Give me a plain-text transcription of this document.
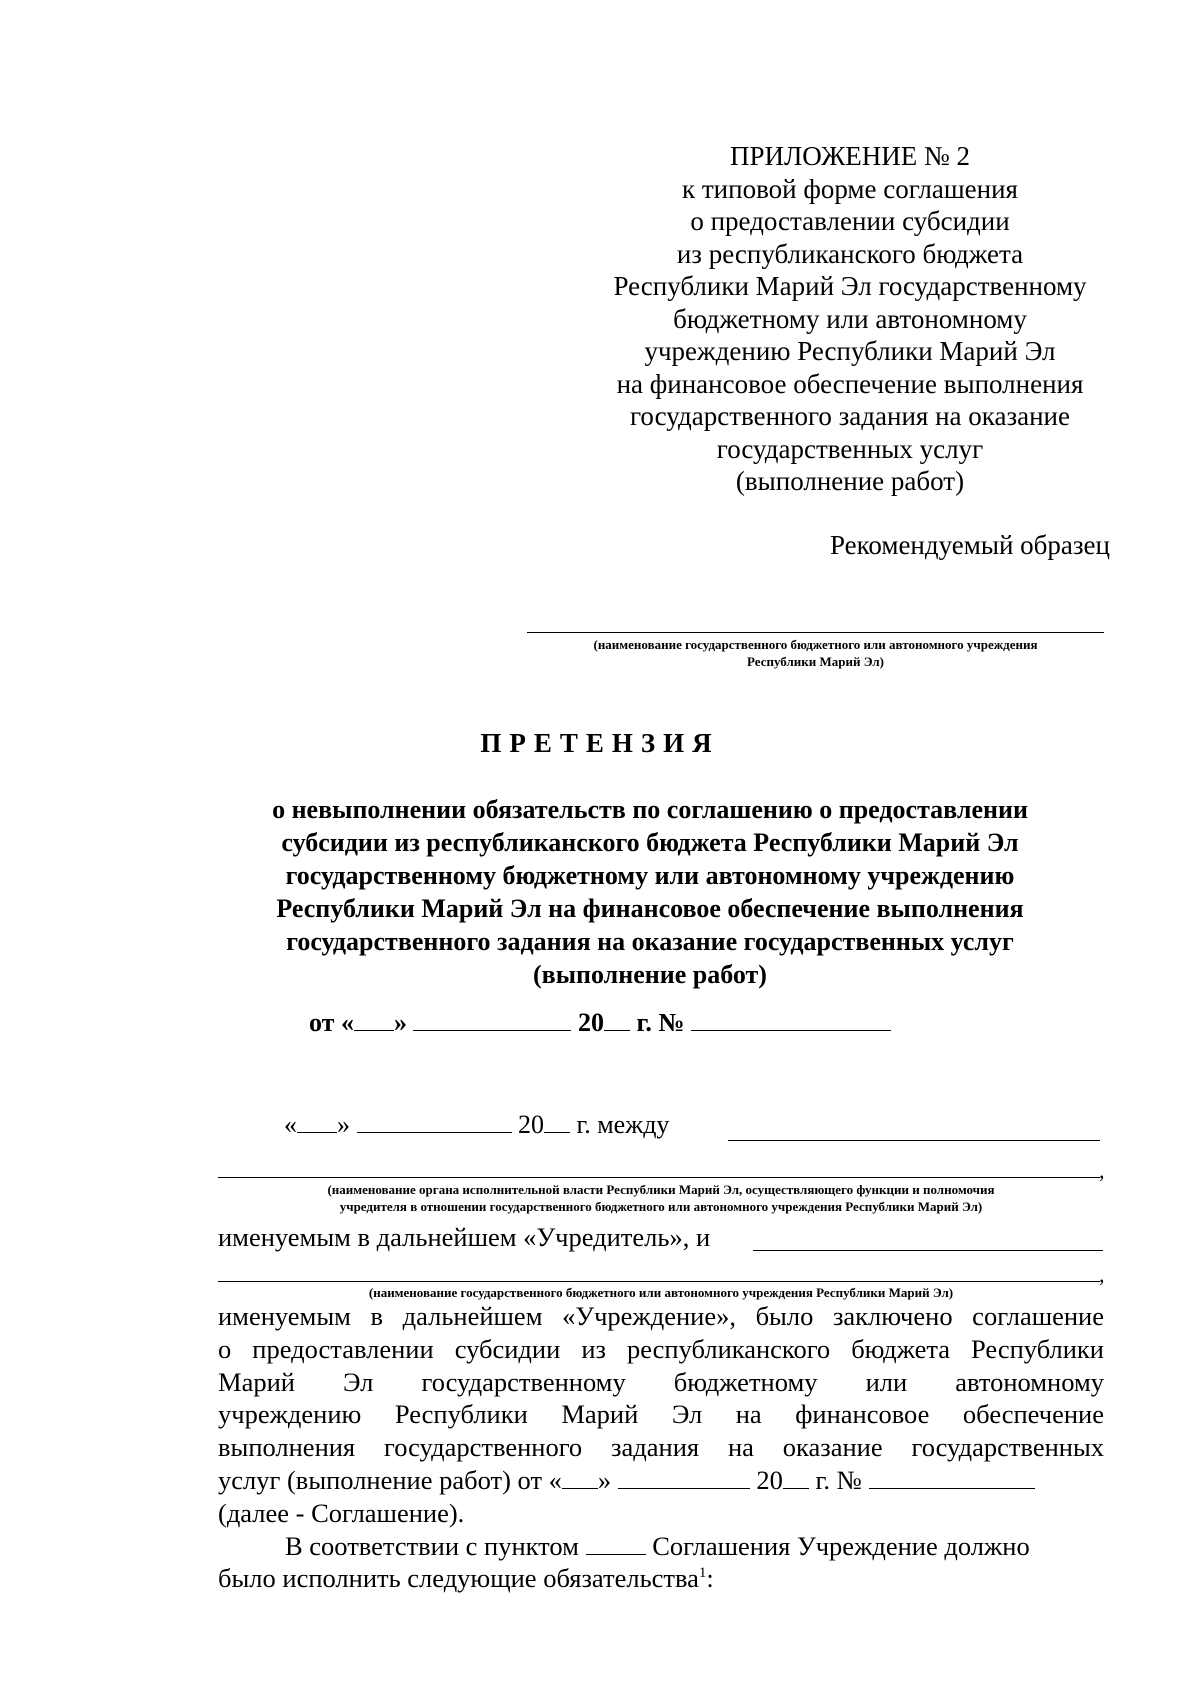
ПРИЛОЖЕНИЕ № 2
к типовой форме соглашения
о предоставлении субсидии
из республиканского бюджета
Республики Марий Эл государственному
бюджетному или автономному
учреждению Республики Марий Эл
на финансовое обеспечение выполнения
государственного задания на оказание
государственных услуг
(выполнение работ)
Рекомендуемый образец
(наименование государственного бюджетного или автономного учреждения
Республики Марий Эл)
ПРЕТЕНЗИЯ
о невыполнении обязательств по соглашению о предоставлении
субсидии из республиканского бюджета Республики Марий Эл
государственному бюджетному или автономному учреждению
Республики Марий Эл на финансовое обеспечение выполнения
государственного задания на оказание государственных услуг
(выполнение работ)
от « »	20 г. №
« »	20 г. между
,
(наименование органа исполнительной власти Республики Марий Эл, осуществляющего функции и полномочия
учредителя в отношении государственного бюджетного или автономного учреждения Республики Марий Эл)
именуемым в дальнейшем «Учредитель», и
,
(наименование государственного бюджетного или автономного учреждения Республики Марий Эл)
именуемым в дальнейшем «Учреждение», было заключено соглашение
о предоставлении субсидии из республиканского бюджета Республики
Марий Эл государственному бюджетному или автономному
учреждению Республики Марий Эл на финансовое обеспечение
выполнения государственного задания на оказание государственных
услуг (выполнение работ) от « »	20 г. №
(далее - Соглашение).
В соответствии с пунктом	Соглашения Учреждение должно
было исполнить следующие обязательства$^1$:
